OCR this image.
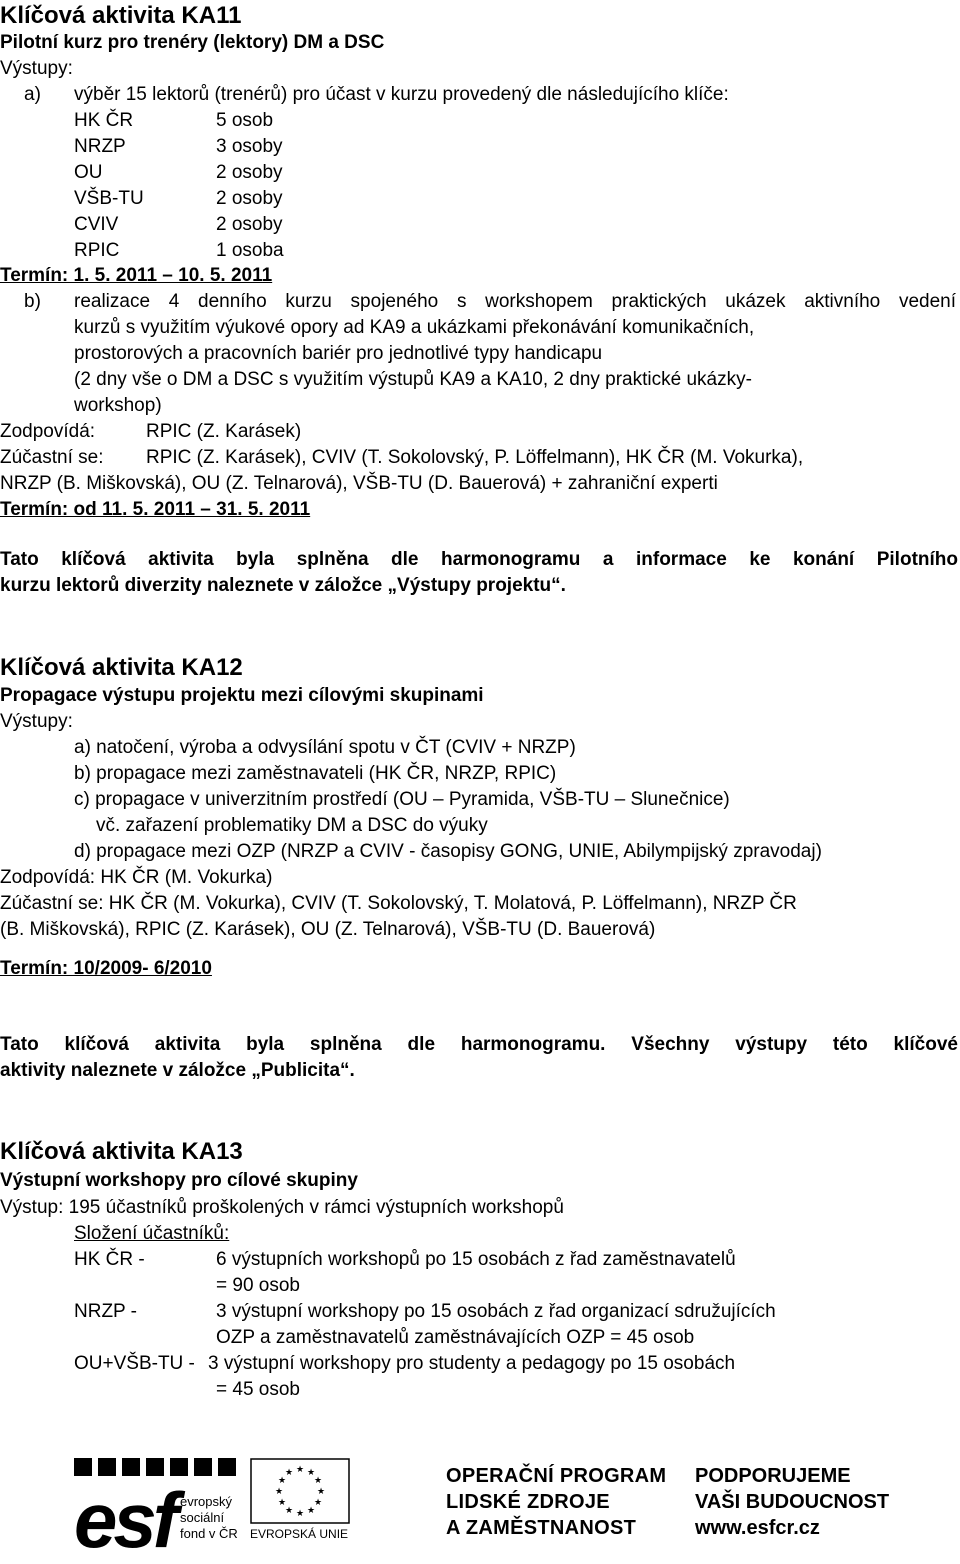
Klíčová aktivita KA11
Pilotní kurz pro trenéry (lektory) DM a DSC
Výstupy:
a) výběr 15 lektorů (trenérů) pro účast v kurzu provedený dle následujícího klíče:
HK ČR	5 osob
NRZP	3 osoby
OU	2 osoby
VŠB-TU	2 osoby
CVIV	2 osoby
RPIC	1 osoba
Termín: 1. 5. 2011 – 10. 5. 2011
b) realizace 4 denního kurzu spojeného s workshopem praktických ukázek aktivního vedení
kurzů s využitím výukové opory ad KA9 a ukázkami překonávání komunikačních,
prostorových a pracovních bariér pro jednotlivé typy handicapu
(2 dny vše o DM a DSC s využitím výstupů KA9 a KA10, 2 dny praktické ukázky-
workshop)
Zodpovídá:	RPIC (Z. Karásek)
Zúčastní se: RPIC (Z. Karásek), CVIV (T. Sokolovský, P. Löffelmann), HK ČR (M. Vokurka),
NRZP (B. Miškovská), OU (Z. Telnarová), VŠB-TU (D. Bauerová) + zahraniční experti
Termín: od 11. 5. 2011 – 31. 5. 2011
Tato klíčová aktivita byla splněna dle harmonogramu a informace ke konání Pilotního
kurzu lektorů diverzity naleznete v záložce „Výstupy projektu“.
Klíčová aktivita KA12
Propagace výstupu projektu mezi cílovými skupinami
Výstupy:
a) natočení, výroba a odvysílání spotu v ČT (CVIV + NRZP)
b) propagace mezi zaměstnavateli (HK ČR, NRZP, RPIC)
c) propagace v univerzitním prostředí (OU – Pyramida, VŠB-TU – Slunečnice)
vč. zařazení problematiky DM a DSC do výuky
d) propagace mezi OZP (NRZP a CVIV - časopisy GONG, UNIE, Abilympijský zpravodaj)
Zodpovídá: HK ČR (M. Vokurka)
Zúčastní se: HK ČR (M. Vokurka), CVIV (T. Sokolovský, T. Molatová, P. Löffelmann), NRZP ČR
(B. Miškovská), RPIC (Z. Karásek), OU (Z. Telnarová), VŠB-TU (D. Bauerová)
Termín: 10/2009- 6/2010
Tato klíčová aktivita byla splněna dle harmonogramu. Všechny výstupy této klíčové
aktivity naleznete v záložce „Publicita“.
Klíčová aktivita KA13
Výstupní workshopy pro cílové skupiny
Výstup: 195 účastníků proškolených v rámci výstupních workshopů
Složení účastníků:
HK ČR -	6 výstupních workshopů po 15 osobách z řad zaměstnavatelů
= 90 osob
NRZP -	3 výstupní workshopy po 15 osobách z řad organizací sdružujících
OZP a zaměstnavatelů zaměstnávajících OZP = 45 osob
OU+VŠB-TU - 3 výstupní workshopy pro studenty a pedagogy po 15 osobách
= 45 osob
esf evropský
sociální
fond v ČR
★ ★
★
★
★
★
★
★
★
★
★
★
EVROPSKÁ UNIE
OPERAČNÍ PROGRAM
LIDSKÉ ZDROJE
A ZAMĚSTNANOST
PODPORUJEME
VAŠI BUDOUCNOST
www.esfcr.cz
